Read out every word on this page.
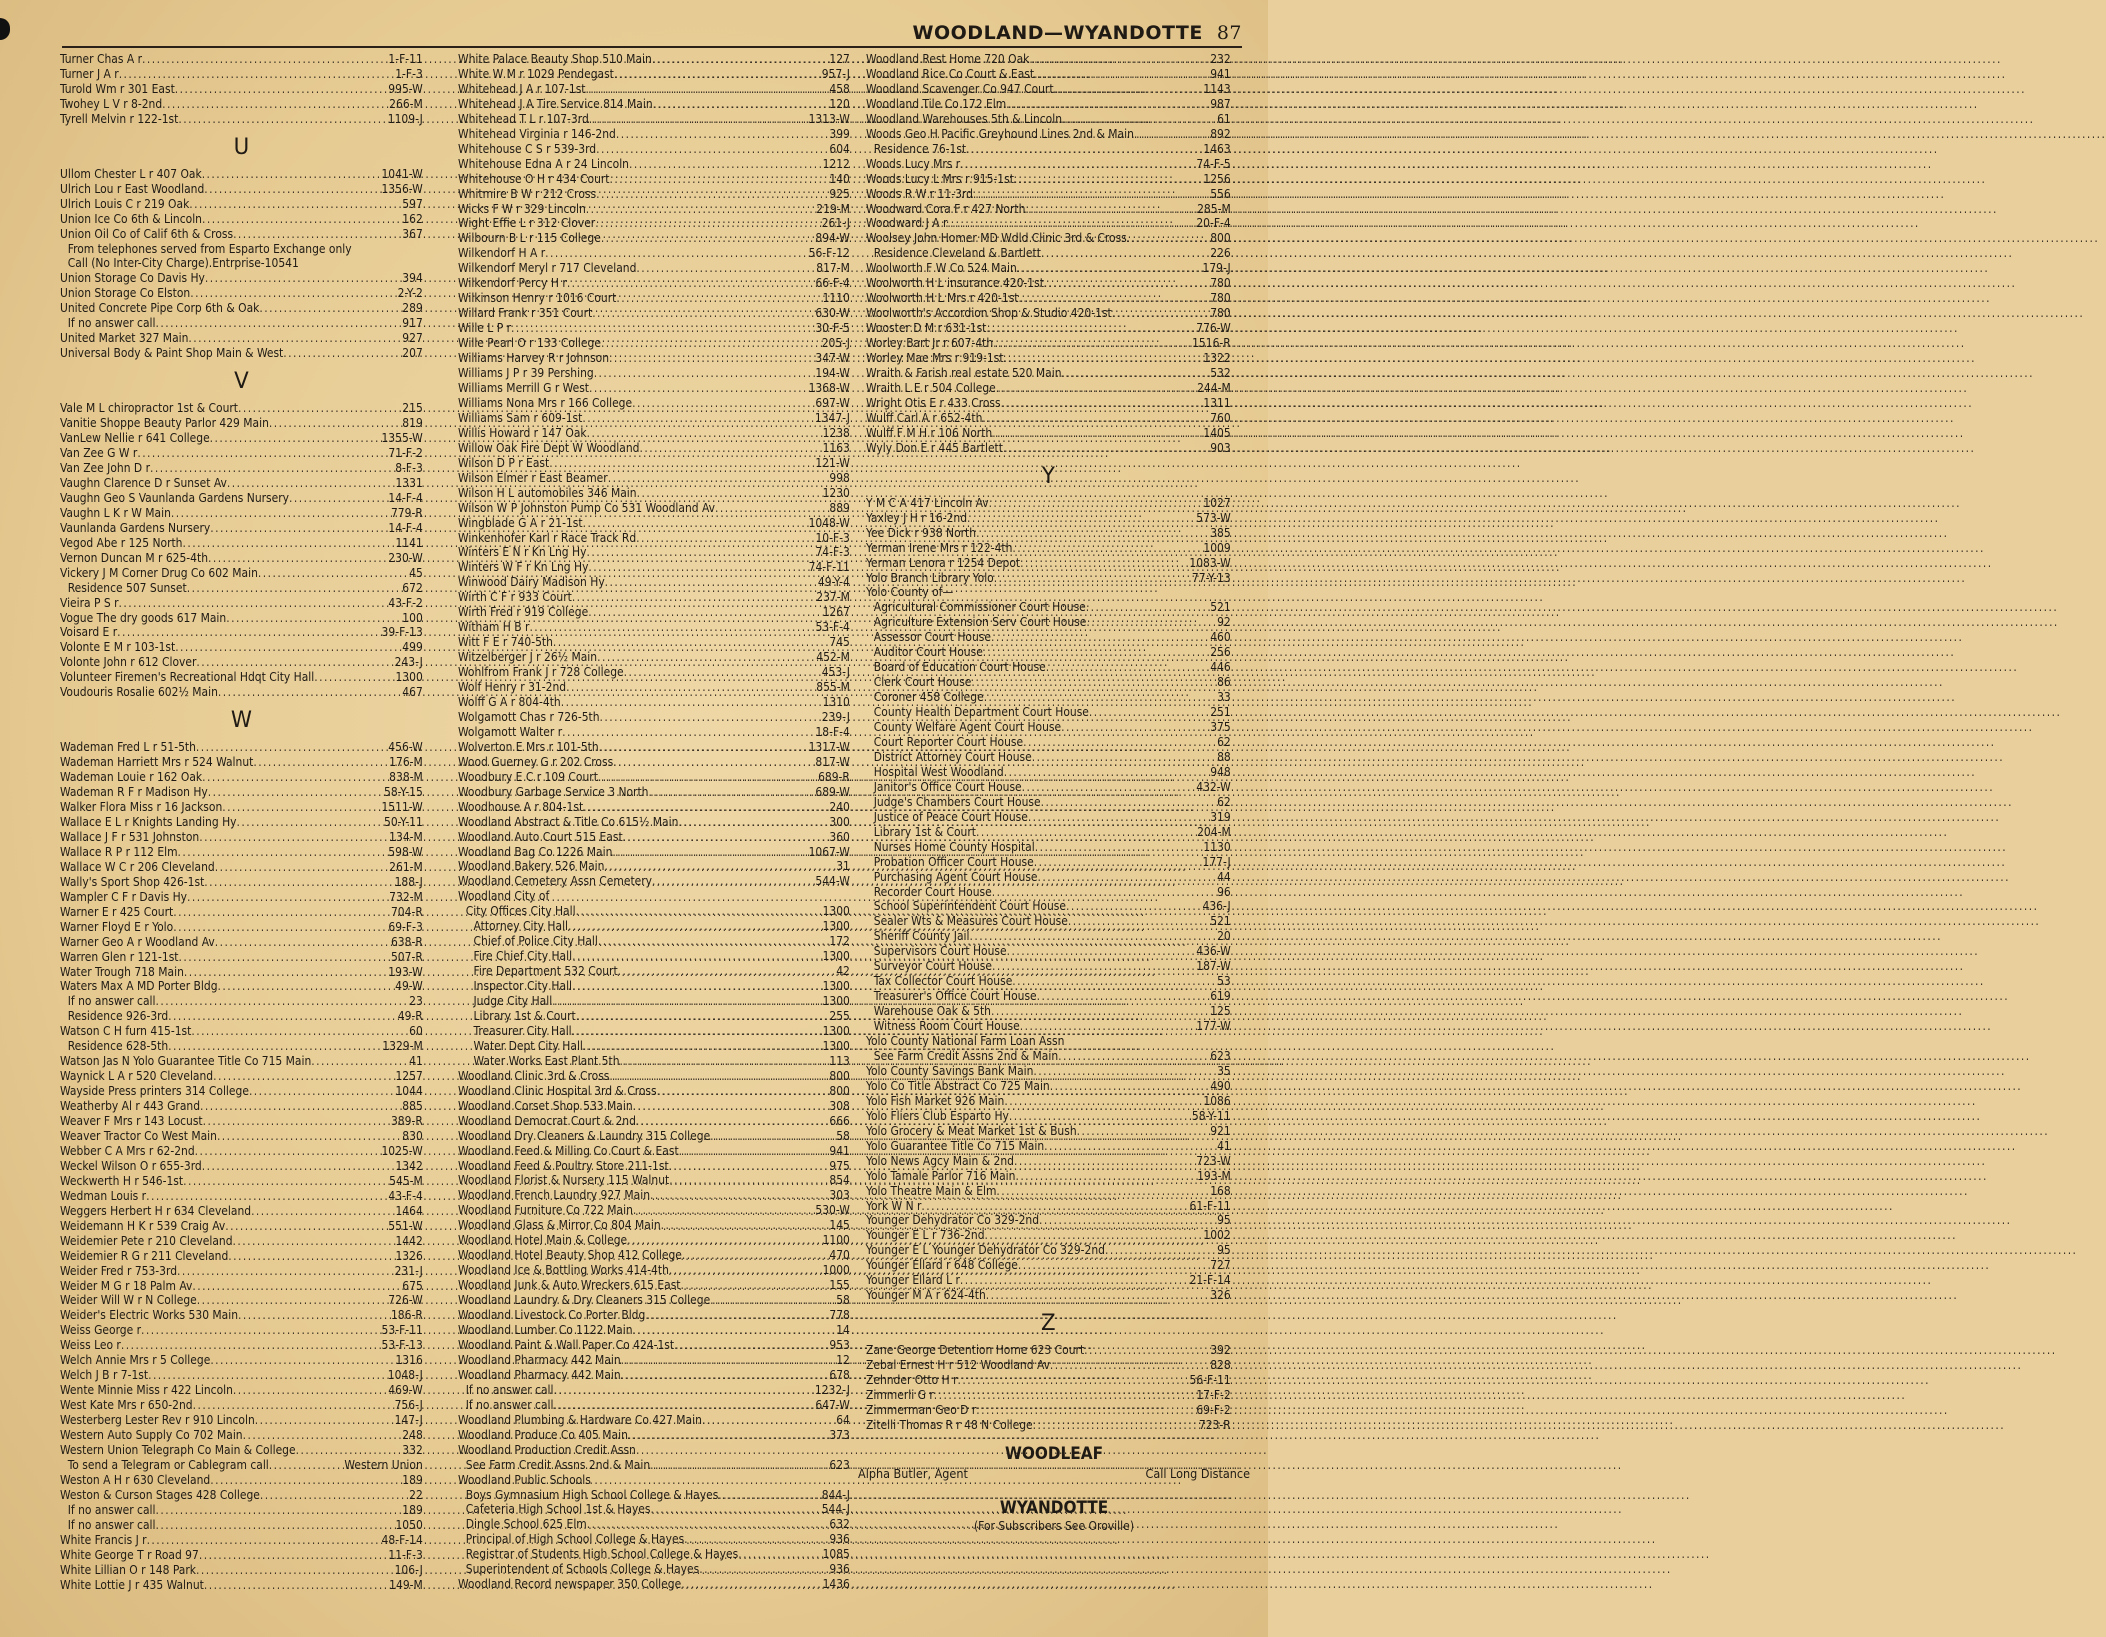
WOODLAND—WYANDOTTE 87
Turner Chas A r .....	1-F-11
Turner J A r .....	1-F-3
Turold Wm r 301 East .....	995-W
Twohey L V r 8-2nd .....	266-M
Tyrell Melvin r 122-1st .....	1109-J
U
Ullom Chester L r 407 Oak .....	1041-W
Ulrich Lou r East Woodland .....	1356-W
Ulrich Louis C r 219 Oak .....	597
Union Ice Co 6th & Lincoln .....	162
Union Oil Co of Calif 6th & Cross .....	367
From telephones served from Esparto Exchange only
Call (No Inter-City Charge).Entrprise-10541
Union Storage Co Davis Hy .....	394
Union Storage Co Elston .....	2-Y-2
United Concrete Pipe Corp 6th & Oak .....	289
If no answer call .....	917
United Market 327 Main .....	927
Universal Body & Paint Shop Main & West .....	207
V
Vale M L chiropractor 1st & Court .....	215
Vanitie Shoppe Beauty Parlor 429 Main .....	819
VanLew Nellie r 641 College .....	1355-W
Van Zee G W r .....	71-F-2
Van Zee John D r .....	8-F-3
Vaughn Clarence D r Sunset Av .....	1331
Vaughn Geo S Vaunlanda Gardens Nursery .....	14-F-4
Vaughn L K r W Main .....	779-R
Vaunlanda Gardens Nursery .....	14-F-4
Vegod Abe r 125 North .....	1141
Vernon Duncan M r 625-4th .....	230-W
Vickery J M Corner Drug Co 602 Main .....	45
Residence 507 Sunset .....	672
Vieira P S r .....	43-F-2
Vogue The dry goods 617 Main .....	100
Voisard E r .....	39-F-13
Volonte E M r 103-1st .....	499
Volonte John r 612 Clover .....	243-J
Volunteer Firemen's Recreational Hdqt City Hall .....	1300
Voudouris Rosalie 602½ Main .....	467
W
Wademan Fred L r 51-5th .....	456-W
Wademan Harriett Mrs r 524 Walnut .....	176-M
Wademan Louie r 162 Oak .....	838-M
Wademan R F r Madison Hy .....	58-Y-15
Walker Flora Miss r 16 Jackson .....	1511-W
Wallace E L r Knights Landing Hy .....	50-Y-11
Wallace J F r 531 Johnston .....	134-M
Wallace R P r 112 Elm .....	598-W
Wallace W C r 206 Cleveland .....	261-M
Wally's Sport Shop 426-1st .....	188-J
Wampler C F r Davis Hy .....	732-M
Warner E r 425 Court .....	704-R
Warner Floyd E r Yolo .....	69-F-3
Warner Geo A r Woodland Av .....	638-R
Warren Glen r 121-1st .....	507-R
Water Trough 718 Main .....	193-W
Waters Max A MD Porter Bldg .....	49-W
If no answer call .....	23
Residence 926-3rd .....	49-R
Watson C H furn 415-1st .....	60
Residence 628-5th .....	1329-M
Watson Jas N Yolo Guarantee Title Co 715 Main .....	41
Waynick L A r 520 Cleveland .....	1257
Wayside Press printers 314 College .....	1044
Weatherby Al r 443 Grand .....	885
Weaver F Mrs r 143 Locust .....	389-R
Weaver Tractor Co West Main .....	830
Webber C A Mrs r 62-2nd .....	1025-W
Weckel Wilson O r 655-3rd .....	1342
Weckwerth H r 546-1st .....	545-M
Wedman Louis r .....	43-F-4
Weggers Herbert H r 634 Cleveland .....	1464
Weidemann H K r 539 Craig Av .....	551-W
Weidemier Pete r 210 Cleveland .....	1442
Weidemier R G r 211 Cleveland .....	1326
Weider Fred r 753-3rd .....	231-J
Weider M G r 18 Palm Av .....	675
Weider Will W r N College .....	726-W
Weider's Electric Works 530 Main .....	186-R
Weiss George r .....	53-F-11
Weiss Leo r .....	53-F-13
Welch Annie Mrs r 5 College .....	1316
Welch J B r 7-1st .....	1048-J
Wente Minnie Miss r 422 Lincoln .....	469-W
West Kate Mrs r 650-2nd .....	756-J
Westerberg Lester Rev r 910 Lincoln .....	147-J
Western Auto Supply Co 702 Main .....	248
Western Union Telegraph Co Main & College .....	332
To send a Telegram or Cablegram call .....	Western Union
Weston A H r 630 Cleveland .....	189
Weston & Curson Stages 428 College .....	22
If no answer call .....	189
If no answer call .....	1050
White Francis J r .....	48-F-14
White George T r Road 97 .....	11-F-3
White Lillian O r 148 Park .....	106-J
White Lottie J r 435 Walnut .....	149-M
White Palace Beauty Shop 510 Main .....	127
White W M r 1029 Pendegast .....	957-J
Whitehead J A r 107-1st .....	458
Whitehead J A Tire Service 814 Main .....	120
Whitehead T L r 107-3rd .....	1313-W
Whitehead Virginia r 146-2nd .....	399
Whitehouse C S r 539-3rd .....	604
Whitehouse Edna A r 24 Lincoln .....	1212
Whitehouse O H r 434 Court .....	140
Whitmire B W r 212 Cross .....	925
Wicks F W r 329 Lincoln .....	219-M
Wight Effie L r 312 Clover .....	261-J
Wilbourn B L r 115 College .....	894-W
Wilkendorf H A r .....	56-F-12
Wilkendorf Meryl r 717 Cleveland .....	817-M
Wilkendorf Percy H r .....	66-F-4
Wilkinson Henry r 1016 Court .....	1110
Willard Frank r 351 Court .....	630-W
Wille L P r .....	30-F-5
Wille Pearl O r 133 College .....	205-J
Williams Harvey R r Johnson .....	347-W
Williams J P r 39 Pershing .....	194-W
Williams Merrill G r West .....	1368-W
Williams Nona Mrs r 166 College .....	697-W
Williams Sam r 609-1st .....	1347-J
Willis Howard r 147 Oak .....	1238
Willow Oak Fire Dept W Woodland .....	1163
Wilson D P r East .....	121-W
Wilson Elmer r East Beamer .....	998
Wilson H L automobiles 346 Main .....	1230
Wilson W P Johnston Pump Co 531 Woodland Av .....	889
Wingblade G A r 21-1st .....	1048-W
Winkenhofer Karl r Race Track Rd .....	10-F-3
Winters E N r Kn Lng Hy .....	74-F-3
Winters W F r Kn Lng Hy .....	74-F-11
Winwood Dairy Madison Hy .....	49-Y-4
Wirth C F r 933 Court .....	237-M
Wirth Fred r 919 College .....	1267
Witham H B r .....	53-F-4
Witt F E r 740-5th .....	745
Witzelberger J r 26½ Main .....	452-M
Wohlfrom Frank J r 728 College .....	453-J
Wolf Henry r 31-2nd .....	855-M
Wolff G A r 804-4th .....	1310
Wolgamott Chas r 726-5th .....	239-J
Wolgamott Walter r .....	18-F-4
Wolverton E Mrs r 101-5th .....	1317-W
Wood Guerney G r 202 Cross .....	817-W
Woodbury E C r 109 Court .....	689-R
Woodbury Garbage Service 3 North .....	689-W
Woodhouse A r 804-1st .....	240
Woodland Abstract & Title Co 615½ Main .....	300
Woodland Auto Court 515 East .....	360
Woodland Bag Co 1226 Main .....	1067-W
Woodland Bakery 526 Main .....	31
Woodland Cemetery Assn Cemetery .....	544-W
Woodland City of
City Offices City Hall .....	1300
Attorney City Hall .....	1300
Chief of Police City Hall .....	172
Fire Chief City Hall .....	1300
Fire Department 532 Court .....	42
Inspector City Hall .....	1300
Judge City Hall .....	1300
Library 1st & Court .....	255
Treasurer City Hall .....	1300
Water Dept City Hall .....	1300
Water Works East Plant 5th .....	113
Woodland Clinic 3rd & Cross .....	800
Woodland Clinic Hospital 3rd & Cross .....	800
Woodland Corset Shop 533 Main .....	308
Woodland Democrat Court & 2nd .....	666
Woodland Dry Cleaners & Laundry 315 College .....	58
Woodland Feed & Milling Co Court & East .....	941
Woodland Feed & Poultry Store 211-1st .....	975
Woodland Florist & Nursery 115 Walnut .....	854
Woodland French Laundry 927 Main .....	303
Woodland Furniture Co 722 Main .....	530-W
Woodland Glass & Mirror Co 804 Main .....	145
Woodland Hotel Main & College .....	1100
Woodland Hotel Beauty Shop 412 College .....	470
Woodland Ice & Bottling Works 414-4th .....	1000
Woodland Junk & Auto Wreckers 615 East .....	155
Woodland Laundry & Dry Cleaners 315 College .....	58
Woodland Livestock Co Porter Bldg .....	778
Woodland Lumber Co 1122 Main .....	14
Woodland Paint & Wall Paper Co 424-1st .....	953
Woodland Pharmacy 442 Main .....	12
Woodland Pharmacy 442 Main .....	678
If no answer call .....	1232-J
If no answer call .....	647-W
Woodland Plumbing & Hardware Co 427 Main .....	64
Woodland Produce Co 405 Main .....	373
Woodland Production Credit Assn
See Farm Credit Assns 2nd & Main .....	623
Woodland Public Schools
Boys Gymnasium High School College & Hayes .....	844-J
Cafeteria High School 1st & Hayes .....	544-J
Dingle School 625 Elm .....	632
Principal of High School College & Hayes .....	936
Registrar of Students High School College & Hayes .....	1085
Superintendent of Schools College & Hayes .....	936
Woodland Record newspaper 350 College .....	1436
Woodland Rest Home 720 Oak .....	232
Woodland Rice Co Court & East .....	941
Woodland Scavenger Co 947 Court .....	1143
Woodland Tile Co 172 Elm .....	987
Woodland Warehouses 5th & Lincoln .....	61
Woods Geo H Pacific Greyhound Lines 2nd & Main .....	892
Residence 76-1st .....	1463
Woods Lucy Mrs r .....	74-F-5
Woods Lucy L Mrs r 915-1st .....	1256
Woods R W r 11-3rd .....	556
Woodward Cora F r 427 North .....	285-M
Woodward J A r .....	20-F-4
Woolsey John Homer MD Wdld Clinic 3rd & Cross .....	800
Residence Cleveland & Bartlett .....	226
Woolworth F W Co 524 Main .....	179-J
Woolworth H L insurance 420-1st .....	780
Woolworth H L Mrs r 420-1st .....	780
Woolworth's Accordion Shop & Studio 420-1st .....	780
Wooster D M r 631-1st .....	776-W
Worley Bart Jr r 607-4th .....	1516-R
Worley Mae Mrs r 919-1st .....	1322
Wraith & Farish real estate 520 Main .....	532
Wraith L E r 504 College .....	244-M
Wright Otis E r 433 Cross .....	1311
Wulff Carl A r 652-4th .....	760
Wulff F M H r 106 North .....	1405
Wyly Don E r 445 Bartlett .....	903
Y
Y M C A 417 Lincoln Av .....	1027
Yaxley J H r 16-2nd .....	573-W
Yee Dick r 938 North .....	385
Yerman Irene Mrs r 122-4th .....	1009
Yerman Lenora r 1254 Depot .....	1083-W
Yolo Branch Library Yolo .....	77-Y-13
Yolo County of—
Agricultural Commissioner Court House .....	521
Agriculture Extension Serv Court House .....	92
Assessor Court House .....	460
Auditor Court House .....	256
Board of Education Court House .....	446
Clerk Court House .....	86
Coroner 458 College .....	33
County Health Department Court House .....	251
County Welfare Agent Court House .....	375
Court Reporter Court House .....	62
District Attorney Court House .....	88
Hospital West Woodland .....	948
Janitor's Office Court House .....	432-W
Judge's Chambers Court House .....	62
Justice of Peace Court House .....	319
Library 1st & Court .....	204-M
Nurses Home County Hospital .....	1130
Probation Officer Court House .....	177-J
Purchasing Agent Court House .....	44
Recorder Court House .....	96
School Superintendent Court House .....	436-J
Sealer Wts & Measures Court House .....	521
Sheriff County Jail .....	20
Supervisors Court House .....	436-W
Surveyor Court House .....	187-W
Tax Collector Court House .....	53
Treasurer's Office Court House .....	619
Warehouse Oak & 5th .....	125
Witness Room Court House .....	177-W
Yolo County National Farm Loan Assn
See Farm Credit Assns 2nd & Main .....	623
Yolo County Savings Bank Main .....	35
Yolo Co Title Abstract Co 725 Main .....	490
Yolo Fish Market 926 Main .....	1086
Yolo Fliers Club Esparto Hy .....	58-Y-11
Yolo Grocery & Meat Market 1st & Bush .....	921
Yolo Guarantee Title Co 715 Main .....	41
Yolo News Agcy Main & 2nd .....	723-W
Yolo Tamale Parlor 716 Main .....	193-M
Yolo Theatre Main & Elm .....	168
York W N r .....	61-F-11
Younger Dehydrator Co 329-2nd .....	95
Younger E L r 736-2nd .....	1002
Younger E L Younger Dehydrator Co 329-2nd .....	95
Younger Ellard r 648 College .....	727
Younger Ellard L r .....	21-F-14
Younger M A r 624-4th .....	326
Z
Zane George Detention Home 623 Court .....	392
Zebal Ernest H r 512 Woodland Av .....	828
Zehnder Otto H r .....	56-F-11
Zimmerli G r .....	17-F-2
Zimmerman Geo D r .....	69-F-2
Zitelli Thomas R r 48 N College .....	723-R
WOODLEAF
Alpha Butler, Agent	Call Long Distance
WYANDOTTE
(For Subscribers See Oroville)
